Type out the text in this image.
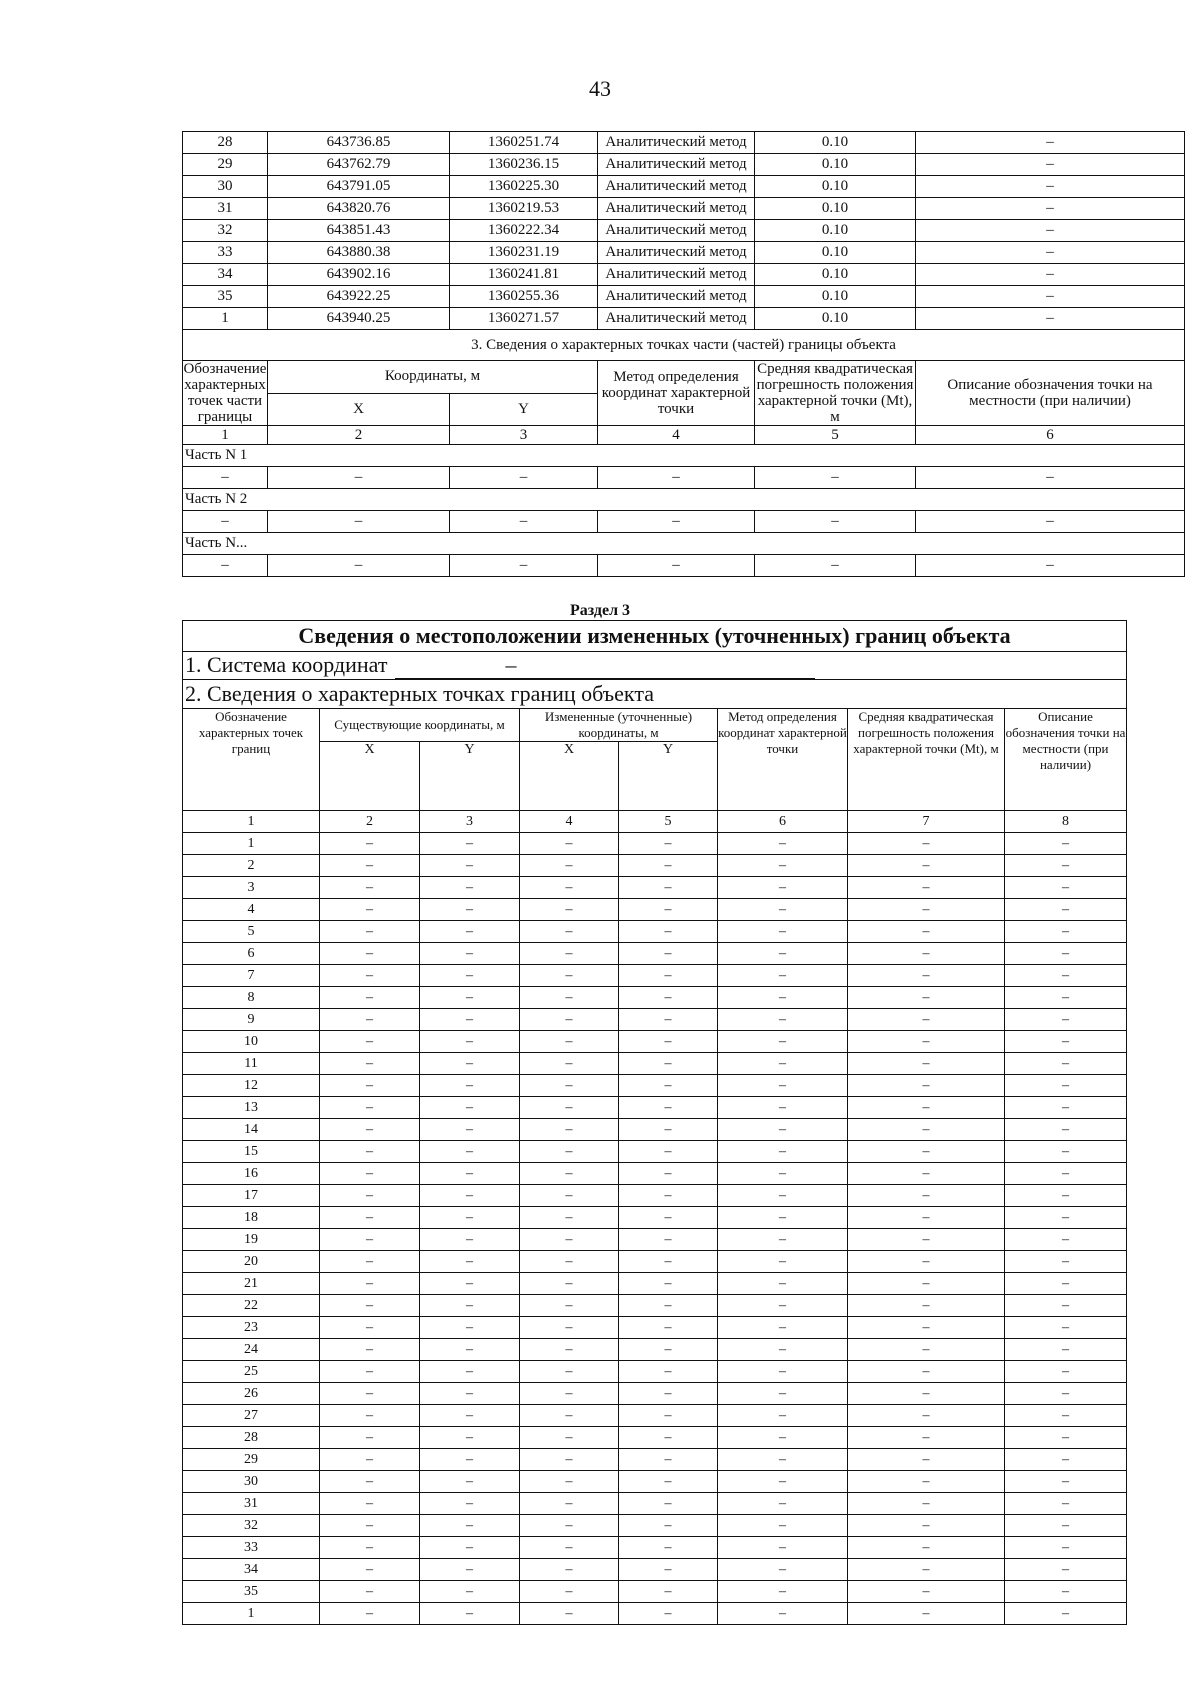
43
28	643736.85	1360251.74	Аналитический метод	0.10	–
29	643762.79	1360236.15	Аналитический метод	0.10	–
30	643791.05	1360225.30	Аналитический метод	0.10	–
31	643820.76	1360219.53	Аналитический метод	0.10	–
32	643851.43	1360222.34	Аналитический метод	0.10	–
33	643880.38	1360231.19	Аналитический метод	0.10	–
34	643902.16	1360241.81	Аналитический метод	0.10	–
35	643922.25	1360255.36	Аналитический метод	0.10	–
1	643940.25	1360271.57	Аналитический метод	0.10	–
3. Сведения о характерных точках части (частей) границы объекта					
Обозначение характерных точек части границы	Координаты, м		Метод определения координат характерной точки	Средняя квадратическая погрешность положения характерной точки (Mt), м	Описание обозначения точки на местности (при наличии)
	X	Y			
1	2	3	4	5	6
Часть N 1					
–	–	–	–	–	–
Часть N 2					
–	–	–	–	–	–
Часть N...					
–	–	–	–	–	–
Раздел 3
Сведения о местоположении измененных (уточненных) границ объекта							
1. Система координат –							
2. Сведения о характерных точках границ объекта							
Обозначение характерных точек границ	Существующие координаты, м		Измененные (уточненные) координаты, м		Метод определения координат характерной точки	Средняя квадратическая погрешность положения характерной точки (Mt), м	Описание обозначения точки на местности (при наличии)
	X	Y	X	Y			
1	2	3	4	5	6	7	8
1	–	–	–	–	–	–	–
2	–	–	–	–	–	–	–
3	–	–	–	–	–	–	–
4	–	–	–	–	–	–	–
5	–	–	–	–	–	–	–
6	–	–	–	–	–	–	–
7	–	–	–	–	–	–	–
8	–	–	–	–	–	–	–
9	–	–	–	–	–	–	–
10	–	–	–	–	–	–	–
11	–	–	–	–	–	–	–
12	–	–	–	–	–	–	–
13	–	–	–	–	–	–	–
14	–	–	–	–	–	–	–
15	–	–	–	–	–	–	–
16	–	–	–	–	–	–	–
17	–	–	–	–	–	–	–
18	–	–	–	–	–	–	–
19	–	–	–	–	–	–	–
20	–	–	–	–	–	–	–
21	–	–	–	–	–	–	–
22	–	–	–	–	–	–	–
23	–	–	–	–	–	–	–
24	–	–	–	–	–	–	–
25	–	–	–	–	–	–	–
26	–	–	–	–	–	–	–
27	–	–	–	–	–	–	–
28	–	–	–	–	–	–	–
29	–	–	–	–	–	–	–
30	–	–	–	–	–	–	–
31	–	–	–	–	–	–	–
32	–	–	–	–	–	–	–
33	–	–	–	–	–	–	–
34	–	–	–	–	–	–	–
35	–	–	–	–	–	–	–
1	–	–	–	–	–	–	–
